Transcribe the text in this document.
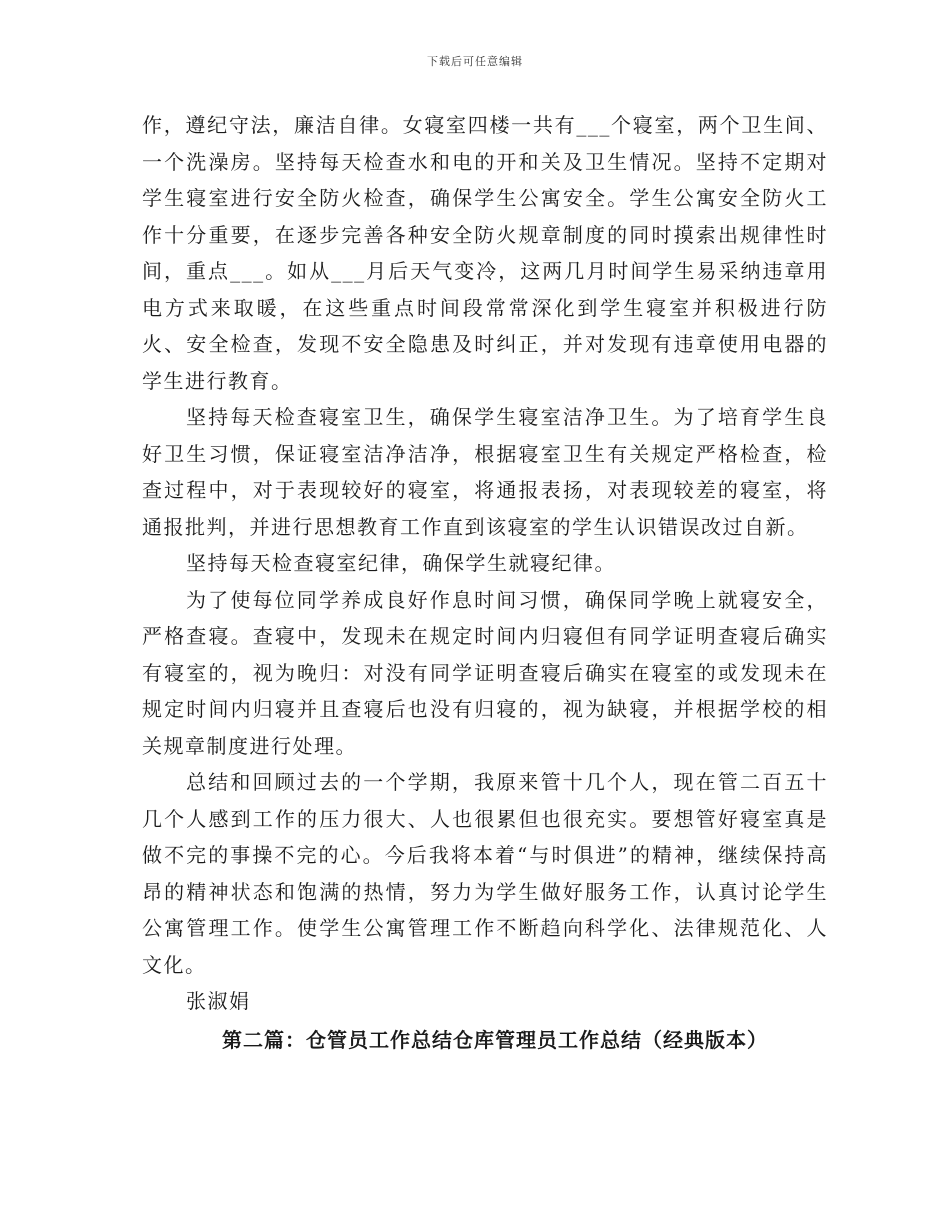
下载后可任意编辑

作，遵纪守法，廉洁自律。女寝室四楼一共有___个寝室，两个卫生间、一个洗澡房。坚持每天检查水和电的开和关及卫生情况。坚持不定期对学生寝室进行安全防火检查，确保学生公寓安全。学生公寓安全防火工作十分重要，在逐步完善各种安全防火规章制度的同时摸索出规律性时间，重点___。如从___月后天气变冷，这两几月时间学生易采纳违章用电方式来取暖，在这些重点时间段常常深化到学生寝室并积极进行防火、安全检查，发现不安全隐患及时纠正，并对发现有违章使用电器的学生进行教育。

坚持每天检查寝室卫生，确保学生寝室洁净卫生。为了培育学生良好卫生习惯，保证寝室洁净洁净，根据寝室卫生有关规定严格检查，检查过程中，对于表现较好的寝室，将通报表扬，对表现较差的寝室，将通报批判，并进行思想教育工作直到该寝室的学生认识错误改过自新。

坚持每天检查寝室纪律，确保学生就寝纪律。

为了使每位同学养成良好作息时间习惯，确保同学晚上就寝安全，严格查寝。查寝中，发现未在规定时间内归寝但有同学证明查寝后确实有寝室的，视为晚归：对没有同学证明查寝后确实在寝室的或发现未在规定时间内归寝并且查寝后也没有归寝的，视为缺寝，并根据学校的相关规章制度进行处理。

总结和回顾过去的一个学期，我原来管十几个人，现在管二百五十几个人感到工作的压力很大、人也很累但也很充实。要想管好寝室真是做不完的事操不完的心。今后我将本着“与时俱进”的精神，继续保持高昂的精神状态和饱满的热情，努力为学生做好服务工作，认真讨论学生公寓管理工作。使学生公寓管理工作不断趋向科学化、法律规范化、人文化。

张淑娟

第二篇：仓管员工作总结仓库管理员工作总结（经典版本）
